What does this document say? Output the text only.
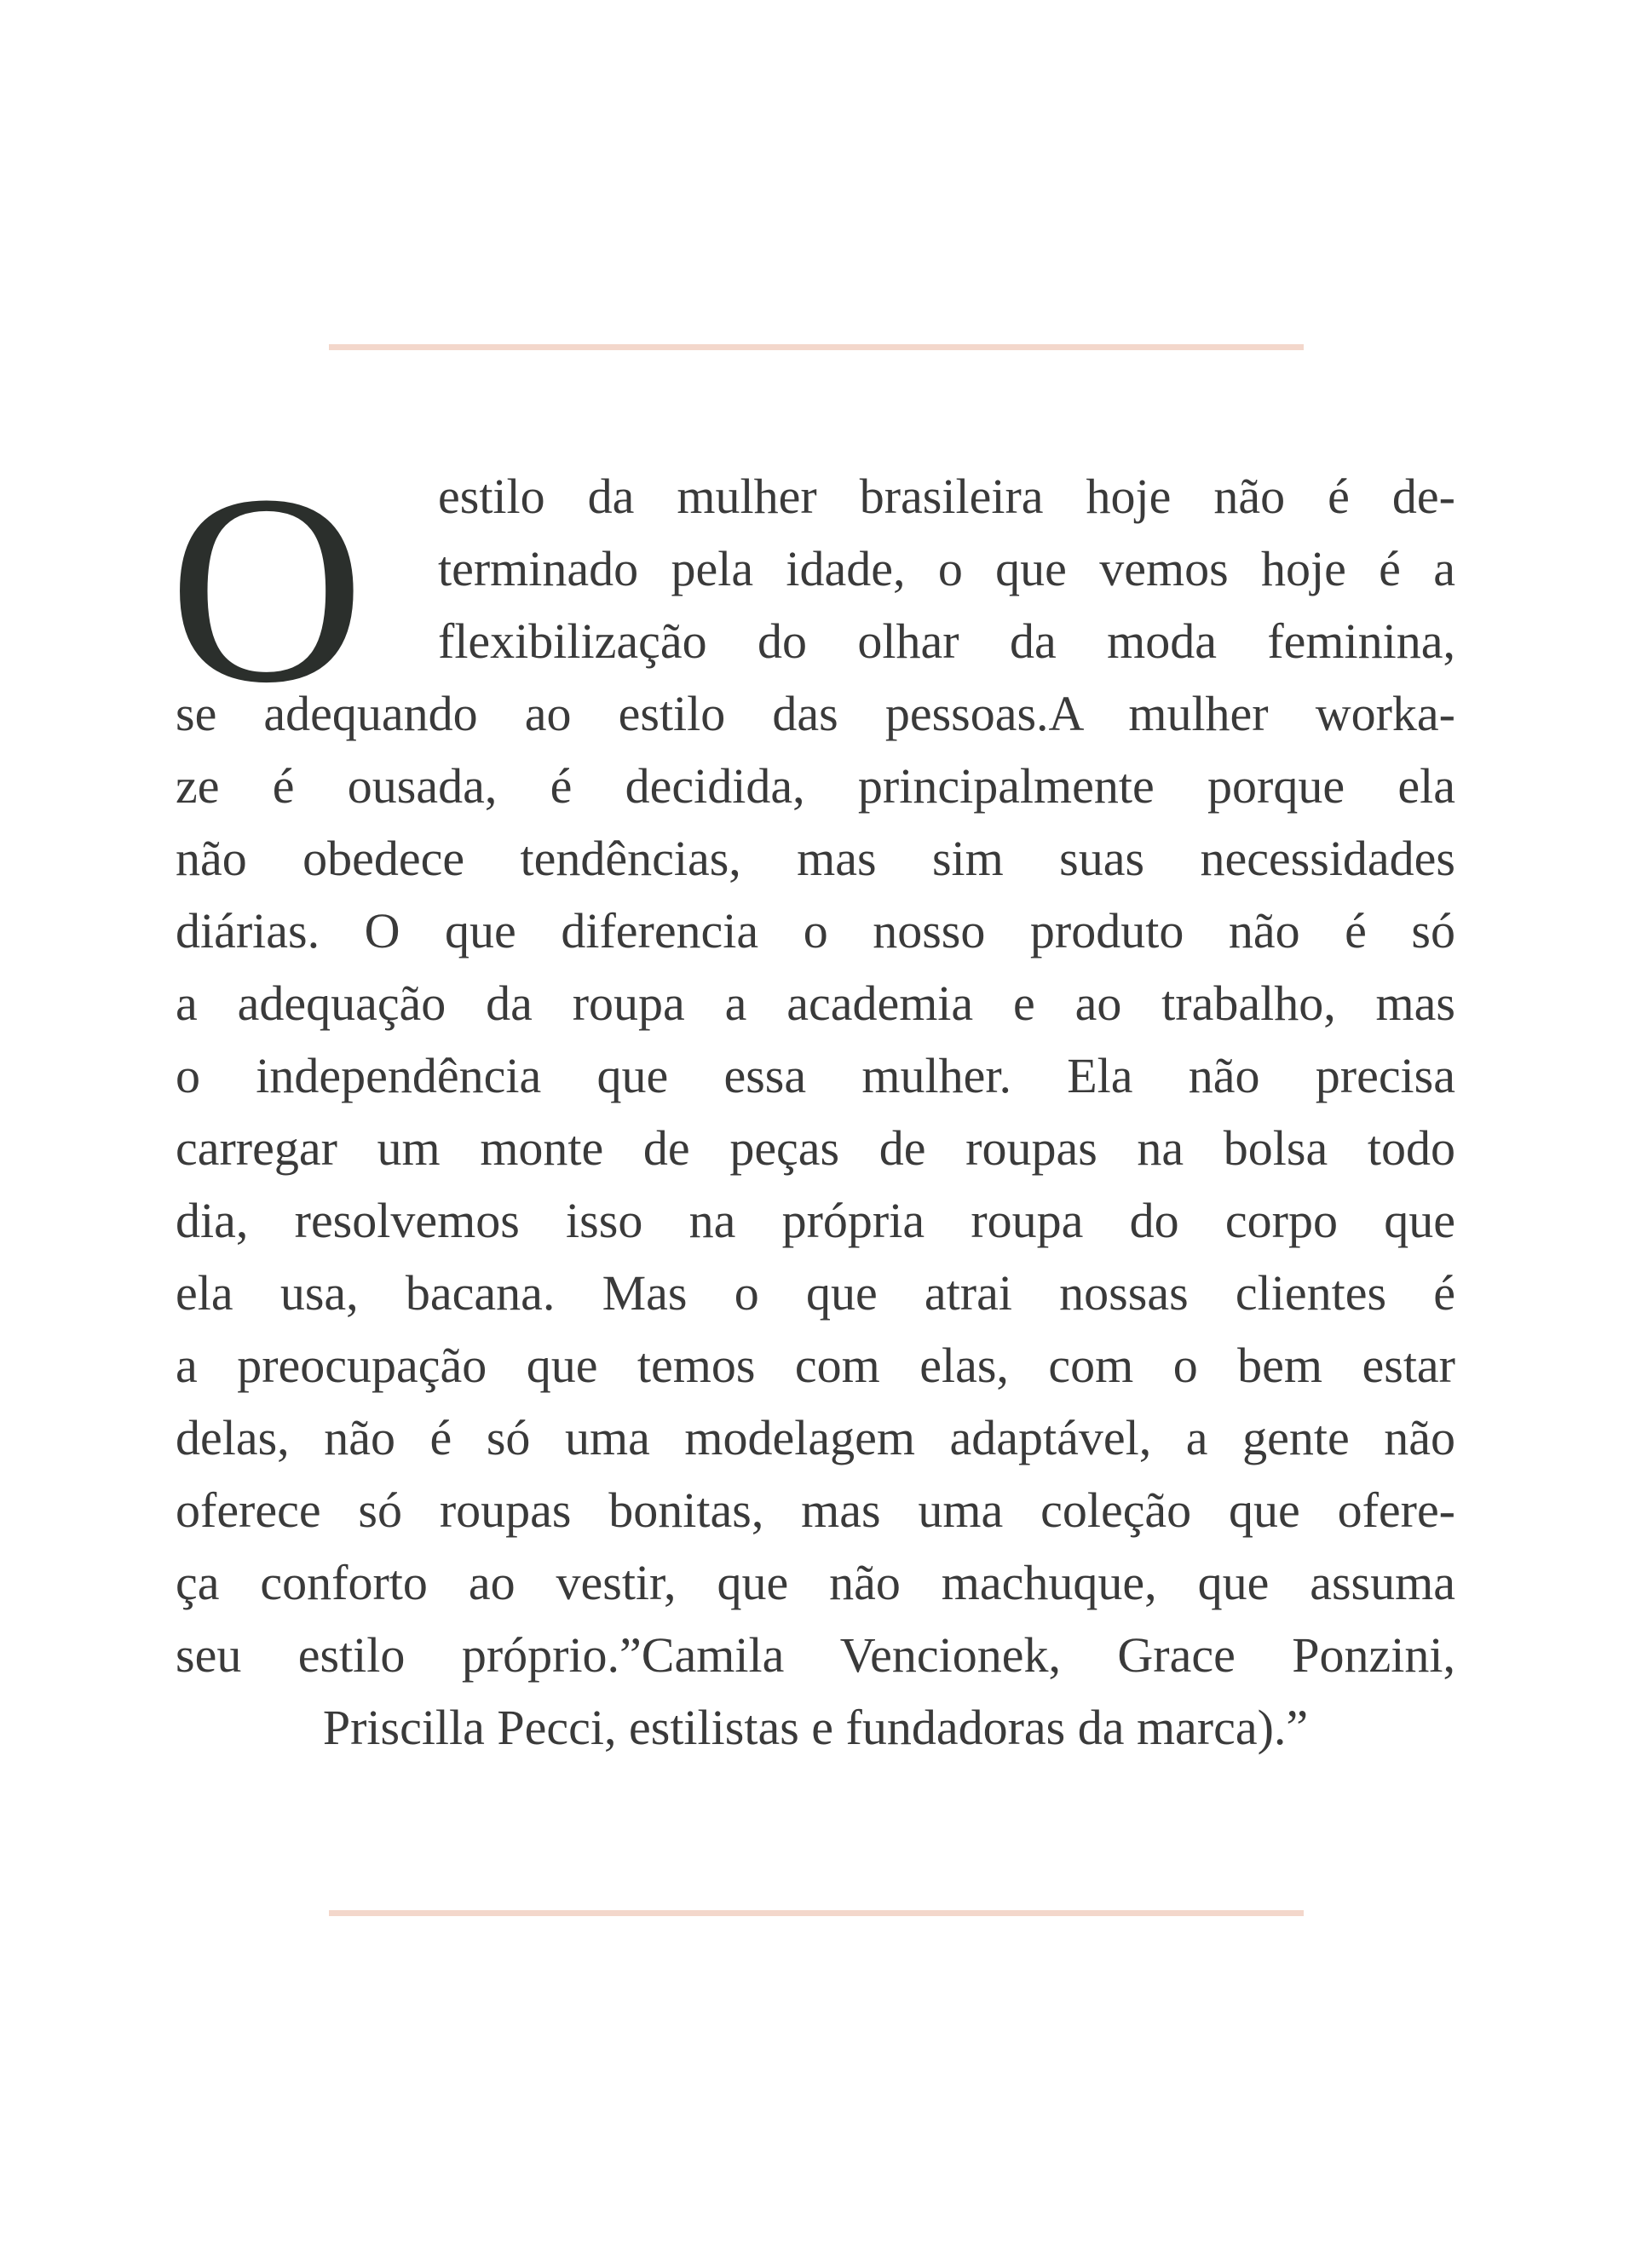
O estilo da mulher brasileira hoje não é de-
terminado pela idade, o que vemos hoje é a
flexibilização do olhar da moda feminina,
se adequando ao estilo das pessoas.A mulher worka-
ze é ousada, é decidida, principalmente porque ela
não obedece tendências, mas sim suas necessidades
diárias. O que diferencia o nosso produto não é só
a adequação da roupa a academia e ao trabalho, mas
o independência que essa mulher. Ela não precisa
carregar um monte de peças de roupas na bolsa todo
dia, resolvemos isso na própria roupa do corpo que
ela usa, bacana. Mas o que atrai nossas clientes é
a preocupação que temos com elas, com o bem estar
delas, não é só uma modelagem adaptável, a gente não
oferece só roupas bonitas, mas uma coleção que ofere-
ça conforto ao vestir, que não machuque, que assuma
seu estilo próprio.”Camila Vencionek, Grace Ponzini,
Priscilla Pecci, estilistas e fundadoras da marca).”
